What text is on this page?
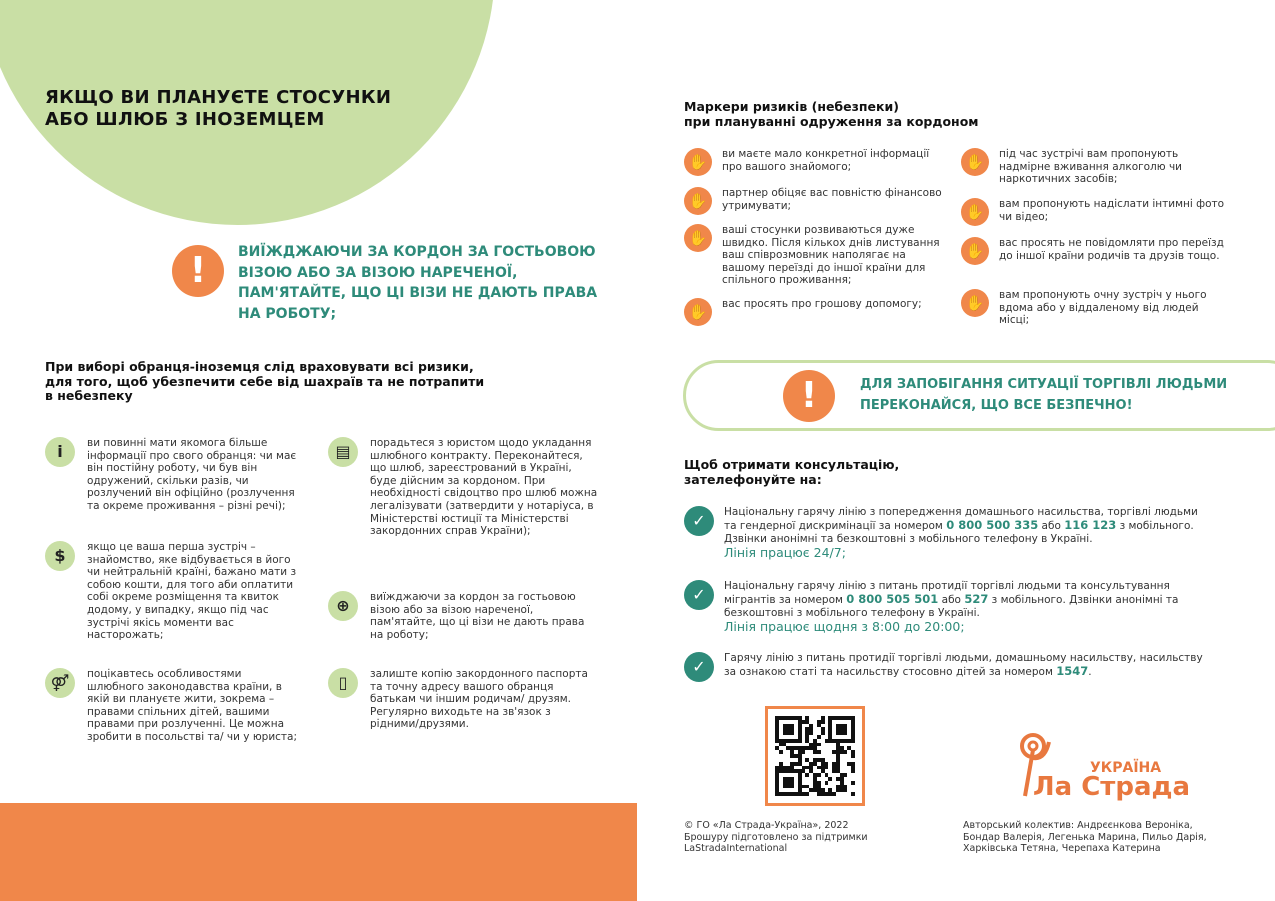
ЯКЩО ВИ ПЛАНУЄТЕ СТОСУНКИ
АБО ШЛЮБ З ІНОЗЕМЦЕМ
!	ВИЇЖДЖАЮЧИ ЗА КОРДОН ЗА ГОСТЬОВОЮ ВІЗОЮ АБО ЗА ВІЗОЮ НАРЕЧЕНОЇ, ПАМ'ЯТАЙТЕ, ЩО ЦІ ВІЗИ НЕ ДАЮТЬ ПРАВА НА РОБОТУ;
При виборі обранця-іноземця слід враховувати всі ризики, для того, щоб убезпечити себе від шахраїв та не потрапити в небезпеку
i	ви повинні мати якомога більше інформації про свого обранця: чи має він постійну роботу, чи був він одружений, скільки разів, чи розлучений він офіційно (розлучення та окреме проживання – різні речі);
$	якщо це ваша перша зустріч – знайомство, яке відбувається в його чи нейтральній країні, бажано мати з собою кошти, для того аби оплатити собі окреме розміщення та квиток додому, у випадку, якщо під час зустрічі якісь моменти вас насторожать;
⚤	поцікавтесь особливостями шлюбного законодавства країни, в якій ви плануєте жити, зокрема – правами спільних дітей, вашими правами при розлученні. Це можна зробити в посольстві та/ чи у юриста;
▤	порадьтеся з юристом щодо укладання шлюбного контракту. Переконайтеся, що шлюб, зареєстрований в Україні, буде дійсним за кордоном. При необхідності свідоцтво про шлюб можна легалізувати (затвердити у нотаріуса, в Міністерстві юстиції та Міністерстві закордонних справ України);
⊕	виїжджаючи за кордон за гостьовою візою або за візою нареченої, пам'ятайте, що ці візи не дають права на роботу;
▯	залиште копію закордонного паспорта та точну адресу вашого обранця батькам чи іншим родичам/ друзям. Регулярно виходьте на зв'язок з рідними/друзями.
Маркери ризиків (небезпеки)
при плануванні одруження за кордоном
✋	ви маєте мало конкретної інформації про вашого знайомого;
✋	партнер обіцяє вас повністю фінансово утримувати;
✋	ваші стосунки розвиваються дуже швидко. Після кількох днів листування ваш співрозмовник наполягає на вашому переїзді до іншої країни для спільного проживання;
✋	вас просять про грошову допомогу;
✋	під час зустрічі вам пропонують надмірне вживання алкоголю чи наркотичних засобів;
✋	вам пропонують надіслати інтимні фото чи відео;
✋	вас просять не повідомляти про переїзд до іншої країни родичів та друзів тощо.
✋	вам пропонують очну зустріч у нього вдома або у віддаленому від людей місці;
!	ДЛЯ ЗАПОБІГАННЯ СИТУАЦІЇ ТОРГІВЛІ ЛЮДЬМИ
ПЕРЕКОНАЙСЯ, ЩО ВСЕ БЕЗПЕЧНО!
Щоб отримати консультацію,
зателефонуйте на:
✓	Національну гарячу лінію з попередження домашнього насильства, торгівлі людьми та гендерної дискримінації за номером 0 800 500 335 або 116 123 з мобільного. Дзвінки анонімні та безкоштовні з мобільного телефону в Україні.
Лінія працює 24/7;
✓	Національну гарячу лінію з питань протидії торгівлі людьми та консультування мігрантів за номером 0 800 505 501 або 527 з мобільного. Дзвінки анонімні та безкоштовні з мобільного телефону в Україні.
Лінія працює щодня з 8:00 до 20:00;
✓	Гарячу лінію з питань протидії торгівлі людьми, домашньому насильству, насильству за ознакою статі та насильству стосовно дітей за номером 1547.
© ГО «Ла Страда-Україна», 2022
Брошуру підготовлено за підтримки
LaStradaInternational
Авторський колектив: Андрєєнкова Вероніка, Бондар Валерія, Легенька Марина, Пильо Дарія, Харківська Тетяна, Черепаха Катерина
УКРАЇНА
Ла Страда
